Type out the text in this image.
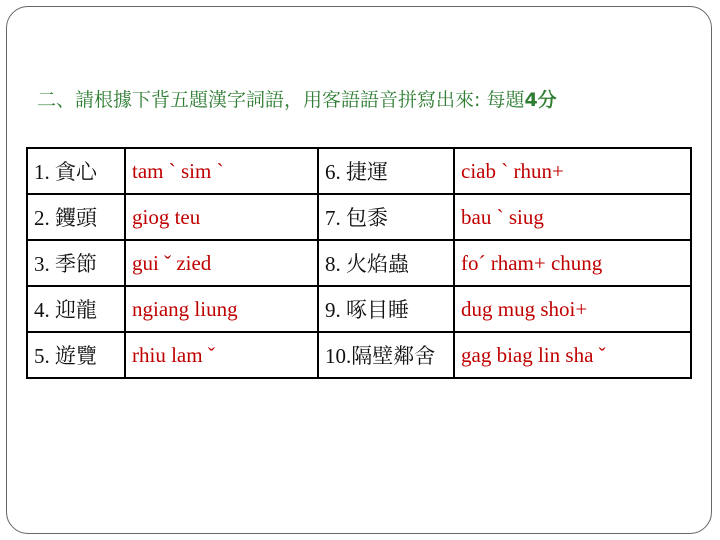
二、請根據下背五題漢字詞語，用客語語音拼寫出來: 每題4分
1. 貪心	tam ˋ sim ˋ	6. 捷運	ciab ˋ rhun+
2. 钁頭	giog teu	7. 包黍	bau ˋ siug
3. 季節	gui ˇ zied	8. 火焰蟲	foˊ rham+ chung
4. 迎龍	ngiang liung	9. 啄目睡	dug mug shoi+
5. 遊覽	rhiu lam ˇ	10.隔壁鄰舍	gag biag lin sha ˇ
